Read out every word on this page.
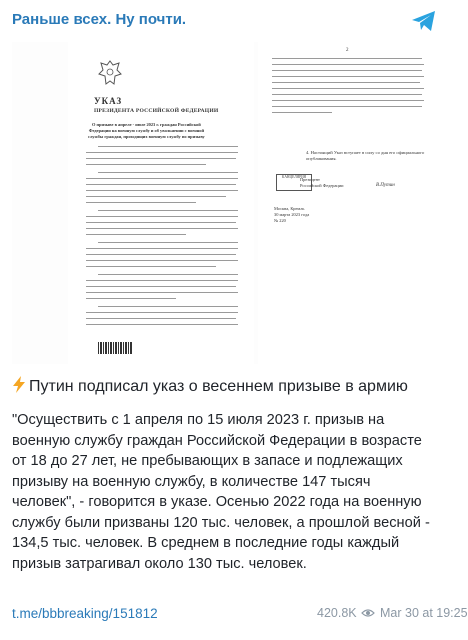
Раньше всех. Ну почти.
УКАЗ
ПРЕЗИДЕНТА РОССИЙСКОЙ ФЕДЕРАЦИИ
О призыве в апреле - июле 2023 г. граждан Российской
Федерации на военную службу и об увольнении с военной
службы граждан, проходящих военную службу по призыву
2
4. Настоящий Указ вступает в силу со дня его официального
опубликования.
КАНЦЕЛЯРИЯ
Президент
Российской Федерации	В.Путин
Москва, Кремль
30 марта 2023 года
№ 220
Путин подписал указ о весеннем призыве в армию

"Осуществить с 1 апреля по 15 июля 2023 г. призыв на военную службу граждан Российской Федерации в возрасте от 18 до 27 лет, не пребывающих в запасе и подлежащих призыву на военную службу, в количестве 147 тысяч человек", - говорится в указе. Осенью 2022 года на военную службу были призваны 120 тыс. человек, а прошлой весной - 134,5 тыс. человек. В среднем в последние годы каждый призыв затрагивал около 130 тыс. человек.

t.me/bbbreaking/151812	420.8K Mar 30 at 19:25
